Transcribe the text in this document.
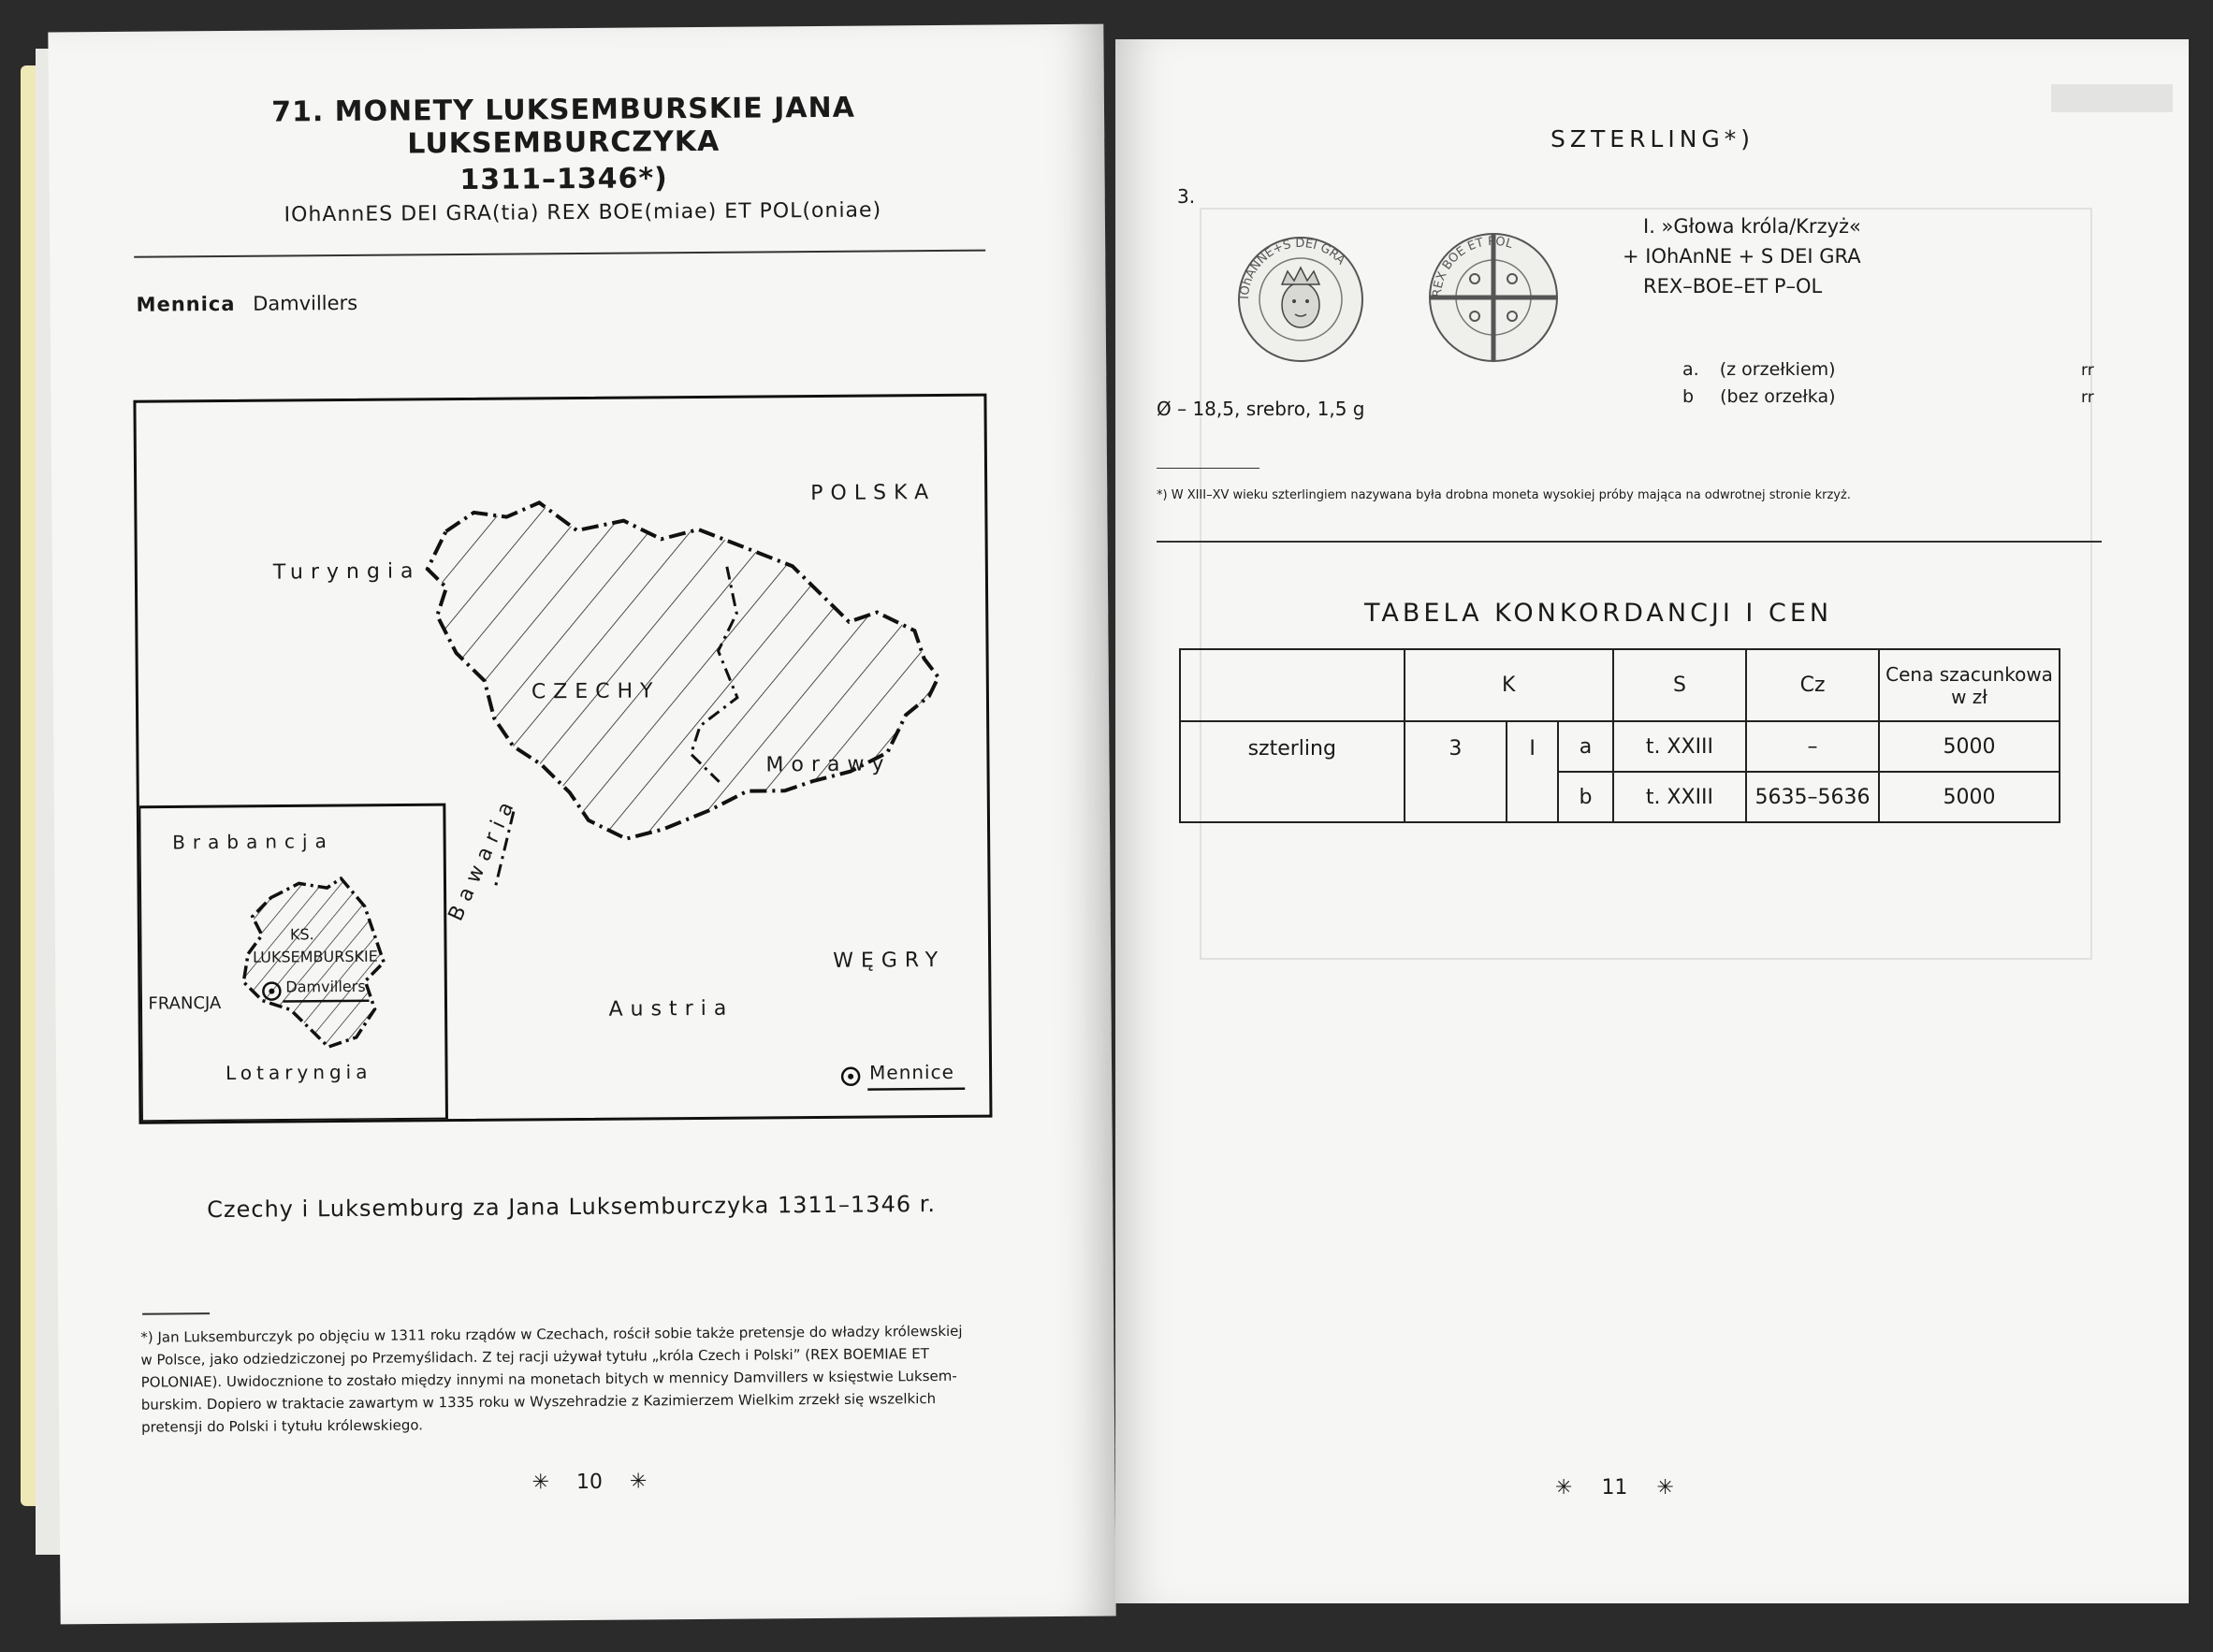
71. MONETY LUKSEMBURSKIE JANA LUKSEMBURCZYKA
1311–1346*)
IOhAnnES DEI GRA(tia) REX BOE(miae) ET POL(oniae)
Mennica Damvillers
POLSKA
Turyngia
CZECHY
Morawy
Bawaria
WĘGRY
Austria
Brabancja
KS.
LUKSEMBURSKIE
Damvillers
FRANCJA
Lotaryngia	Mennice
Czechy i Luksemburg za Jana Luksemburczyka 1311–1346 r.
*) Jan Luksemburczyk po objęciu w 1311 roku rządów w Czechach, rościł sobie także pretensje do władzy królewskiej
w Polsce, jako odziedziczonej po Przemyślidach. Z tej racji używał tytułu „króla Czech i Polski” (REX BOEMIAE ET
POLONIAE). Uwidocznione to zostało między innymi na monetach bitych w mennicy Damvillers w księstwie Luksem-
burskim. Dopiero w traktacie zawartym w 1335 roku w Wyszehradzie z Kazimierzem Wielkim zrzekł się wszelkich
pretensji do Polski i tytułu królewskiego.
✳ 10 ✳
SZTERLING*)
3.
IOhANNE+S DEI GRA
REX BOE ET POL
I. »Głowa króla/Krzyż«
+ IOhAnNE + S DEI GRA
REX–BOE–ET P–OL
a. (z orzełkiem)
b (bez orzełka)
rr
rr
Ø – 18,5, srebro, 1,5 g
*) W XIII–XV wieku szterlingiem nazywana była drobna moneta wysokiej próby mająca na odwrotnej stronie krzyż.
TABELA KONKORDANCJI I CEN
	K			S	Cz	Cena szacunkowa
w zł

szterling	3	I	a	t. XXIII	–	5000
			b	t. XXIII	5635–5636	5000
✳ 11 ✳
